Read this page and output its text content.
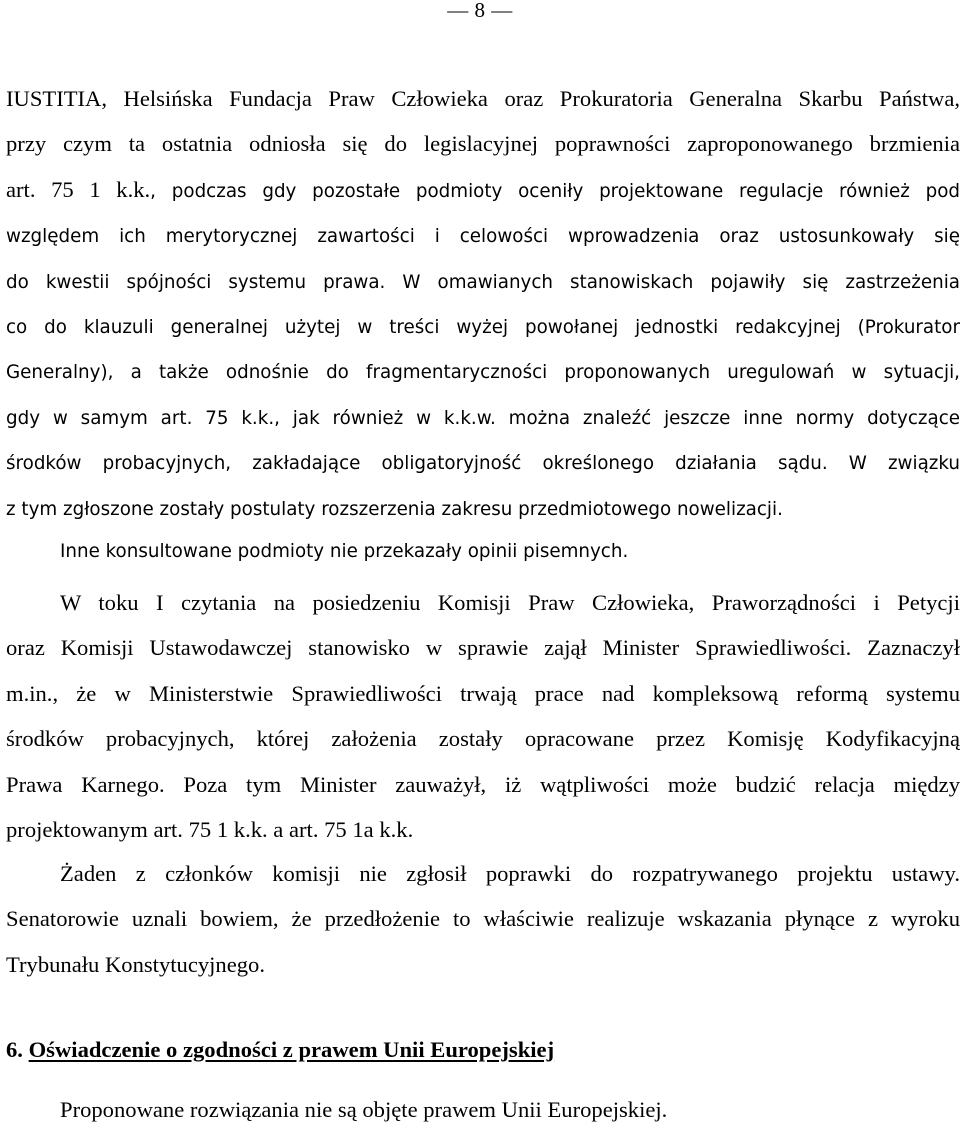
— 8 —
IUSTITIA, Helsińska Fundacja Praw Człowieka oraz Prokuratoria Generalna Skarbu Państwa,
przy czym ta ostatnia odniosła się do legislacyjnej poprawności zaproponowanego brzmienia
art. 75 1 k.k., podczas gdy pozostałe podmioty oceniły projektowane regulacje również pod
względem ich merytorycznej zawartości i celowości wprowadzenia oraz ustosunkowały się
do kwestii spójności systemu prawa. W omawianych stanowiskach pojawiły się zastrzeżenia
co do klauzuli generalnej użytej w treści wyżej powołanej jednostki redakcyjnej (Prokurator
Generalny), a także odnośnie do fragmentaryczności proponowanych uregulowań w sytuacji,
gdy w samym art. 75 k.k., jak również w k.k.w. można znaleźć jeszcze inne normy dotyczące
środków probacyjnych, zakładające obligatoryjność określonego działania sądu. W związku
z tym zgłoszone zostały postulaty rozszerzenia zakresu przedmiotowego nowelizacji.
Inne konsultowane podmioty nie przekazały opinii pisemnych.
W toku I czytania na posiedzeniu Komisji Praw Człowieka, Praworządności i Petycji
oraz Komisji Ustawodawczej stanowisko w sprawie zajął Minister Sprawiedliwości. Zaznaczył
m.in., że w Ministerstwie Sprawiedliwości trwają prace nad kompleksową reformą systemu
środków probacyjnych, której założenia zostały opracowane przez Komisję Kodyfikacyjną
Prawa Karnego. Poza tym Minister zauważył, iż wątpliwości może budzić relacja między
projektowanym art. 75 1 k.k. a art. 75 1a k.k.
Żaden z członków komisji nie zgłosił poprawki do rozpatrywanego projektu ustawy.
Senatorowie uznali bowiem, że przedłożenie to właściwie realizuje wskazania płynące z wyroku
Trybunału Konstytucyjnego.
6. Oświadczenie o zgodności z prawem Unii Europejskiej
Proponowane rozwiązania nie są objęte prawem Unii Europejskiej.
